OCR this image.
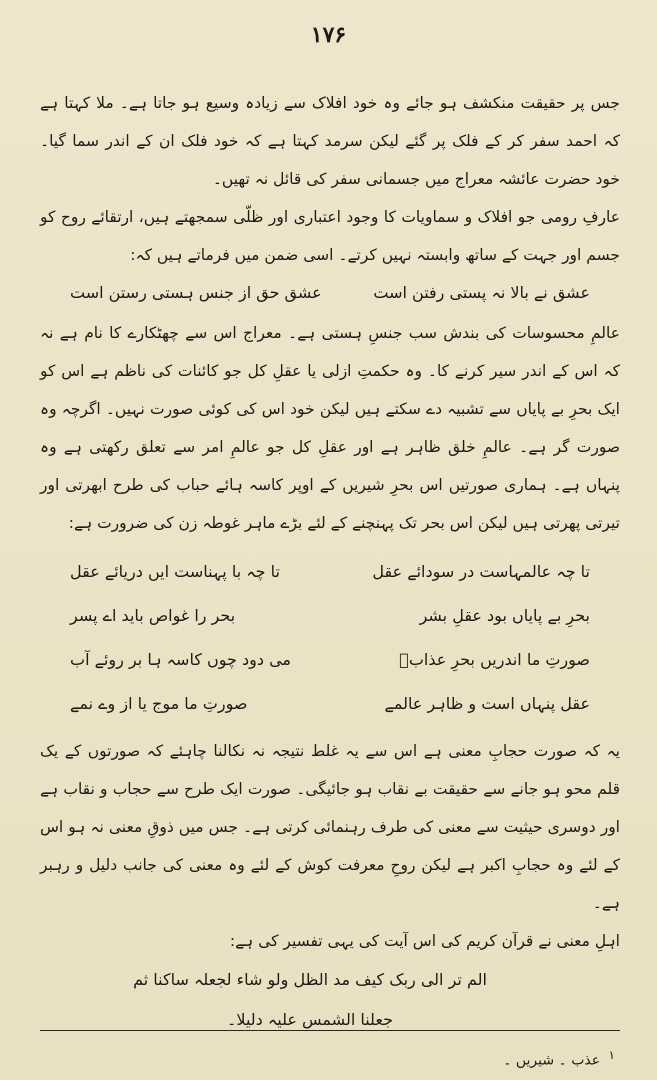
۱۷۶

جس پر حقیقت منکشف ہو جائے وہ خود افلاک سے زیادہ وسیع ہو جاتا ہے۔ ملا کہتا ہے کہ احمد سفر کر کے فلک پر گئے لیکن سرمد کہتا ہے کہ خود فلک ان کے اندر سما گیا۔ خود حضرت عائشہ معراج میں جسمانی سفر کی قائل نہ تھیں۔

عارفِ رومی جو افلاک و سماویات کا وجود اعتباری اور ظلّی سمجھتے ہیں، ارتقائے روح کو جسم اور جہت کے ساتھ وابستہ نہیں کرتے۔ اسی ضمن میں فرماتے ہیں کہ:

عشق نے بالا نہ پستی رفتن است
عشق حق از جنس ہستی رستن است

عالمِ محسوسات کی بندش سب جنسِ ہستی ہے۔ معراج اس سے چھٹکارے کا نام ہے نہ کہ اس کے اندر سیر کرنے کا۔ وہ حکمتِ ازلی یا عقلِ کل جو کائنات کی ناظم ہے اس کو ایک بحرِ بے پایاں سے تشبیہ دے سکتے ہیں لیکن خود اس کی کوئی صورت نہیں۔ اگرچہ وہ صورت گر ہے۔ عالمِ خلق ظاہر ہے اور عقلِ کل جو عالمِ امر سے تعلق رکھتی ہے وہ پنہاں ہے۔ ہماری صورتیں اس بحرِ شیریں کے اوپر کاسہ ہائے حباب کی طرح ابھرتی اور تیرتی پھرتی ہیں لیکن اس بحر تک پہنچنے کے لئے بڑے ماہر غوطہ زن کی ضرورت ہے:

تا چہ عالمہاست در سودائے عقل
تا چہ با پہناست ایں دریائے عقل
بحرِ بے پایاں بود عقلِ بشر
بحر را غواص باید اے پسر
صورتِ ما اندریں بحرِ عذابؐ
می دود چوں کاسہ ہا بر روئے آب
عقل پنہاں است و ظاہر عالمے
صورتِ ما موج یا از وے نمے

یہ کہ صورت حجابِ معنی ہے اس سے یہ غلط نتیجہ نہ نکالنا چاہئے کہ صورتوں کے یک قلم محو ہو جانے سے حقیقت بے نقاب ہو جائیگی۔ صورت ایک طرح سے حجاب و نقاب ہے اور دوسری حیثیت سے معنی کی طرف رہنمائی کرتی ہے۔ جس میں ذوقِ معنی نہ ہو اس کے لئے وہ حجابِ اکبر ہے لیکن روحِ معرفت کوش کے لئے وہ معنی کی جانب دلیل و رہبر ہے۔

اہلِ معنی نے قرآن کریم کی اس آیت کی یہی تفسیر کی ہے:

الم تر الی ربک کیف مد الظل ولو شاء لجعلہ ساکنا ثم
جعلنا الشمس علیہ دلیلا۔
۱ عذب ۔ شیریں ۔
